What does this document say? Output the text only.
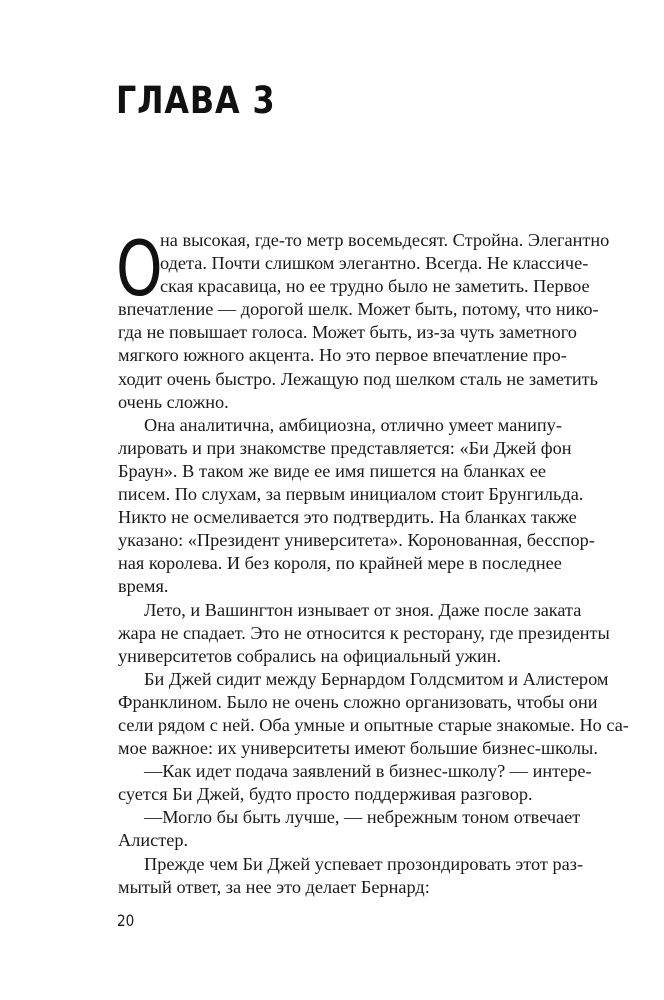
ГЛАВА 3
О
на высокая, где-то метр восемьдесят. Стройна. Элегантно
одета. Почти слишком элегантно. Всегда. Не классиче-
ская красавица, но ее трудно было не заметить. Первое
впечатление — дорогой шелк. Может быть, потому, что нико-
гда не повышает голоса. Может быть, из-за чуть заметного
мягкого южного акцента. Но это первое впечатление про-
ходит очень быстро. Лежащую под шелком сталь не заметить
очень сложно.
Она аналитична, амбициозна, отлично умеет манипу-
лировать и при знакомстве представляется: «Би Джей фон
Браун». В таком же виде ее имя пишется на бланках ее
писем. По слухам, за первым инициалом стоит Брунгильда.
Никто не осмеливается это подтвердить. На бланках также
указано: «Президент университета». Коронованная, бесспор-
ная королева. И без короля, по крайней мере в последнее
время.
Лето, и Вашингтон изнывает от зноя. Даже после заката
жара не спадает. Это не относится к ресторану, где президенты
университетов собрались на официальный ужин.
Би Джей сидит между Бернардом Голдсмитом и Алистером
Франклином. Было не очень сложно организовать, чтобы они
сели рядом с ней. Оба умные и опытные старые знакомые. Но са-
мое важное: их университеты имеют большие бизнес-школы.
—Как идет подача заявлений в бизнес-школу? — интере-
суется Би Джей, будто просто поддерживая разговор.
—Могло бы быть лучше, — небрежным тоном отвечает
Алистер.
Прежде чем Би Джей успевает прозондировать этот раз-
мытый ответ, за нее это делает Бернард:
20
